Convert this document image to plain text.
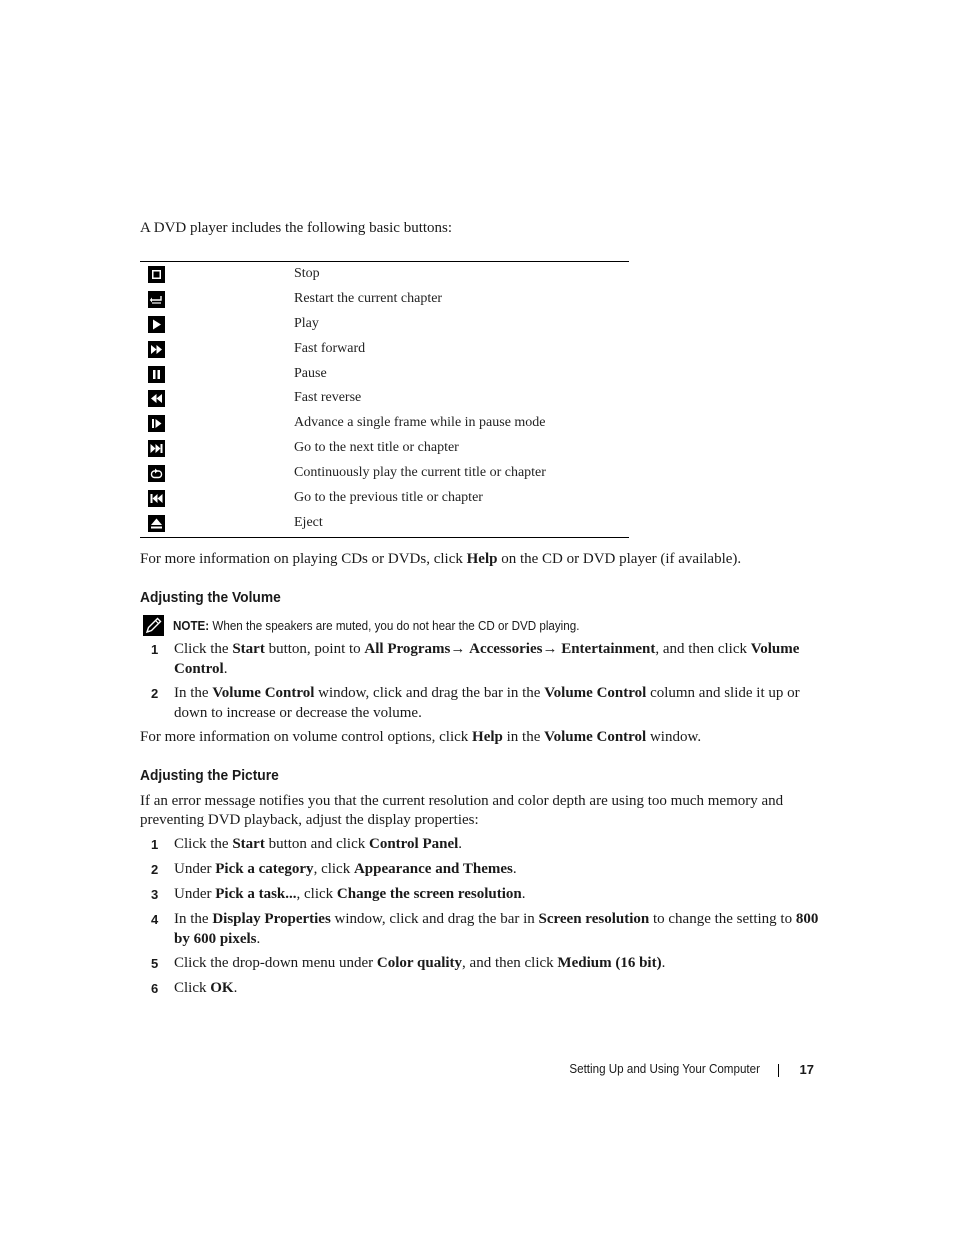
A DVD player includes the following basic buttons:
Stop
Restart the current chapter
Play
Fast forward
Pause
Fast reverse
Advance a single frame while in pause mode
Go to the next title or chapter
Continuously play the current title or chapter
Go to the previous title or chapter
Eject
For more information on playing CDs or DVDs, click Help on the CD or DVD player (if available).
Adjusting the Volume
NOTE: When the speakers are muted, you do not hear the CD or DVD playing.
1 Click the Start button, point to All Programs→ Accessories→ Entertainment, and then click Volume Control.
2 In the Volume Control window, click and drag the bar in the Volume Control column and slide it up or down to increase or decrease the volume.
For more information on volume control options, click Help in the Volume Control window.
Adjusting the Picture
If an error message notifies you that the current resolution and color depth are using too much memory and preventing DVD playback, adjust the display properties:
1 Click the Start button and click Control Panel.
2 Under Pick a category, click Appearance and Themes.
3 Under Pick a task..., click Change the screen resolution.
4 In the Display Properties window, click and drag the bar in Screen resolution to change the setting to 800 by 600 pixels.
5 Click the drop-down menu under Color quality, and then click Medium (16 bit).
6 Click OK.
Setting Up and Using Your Computer	17
